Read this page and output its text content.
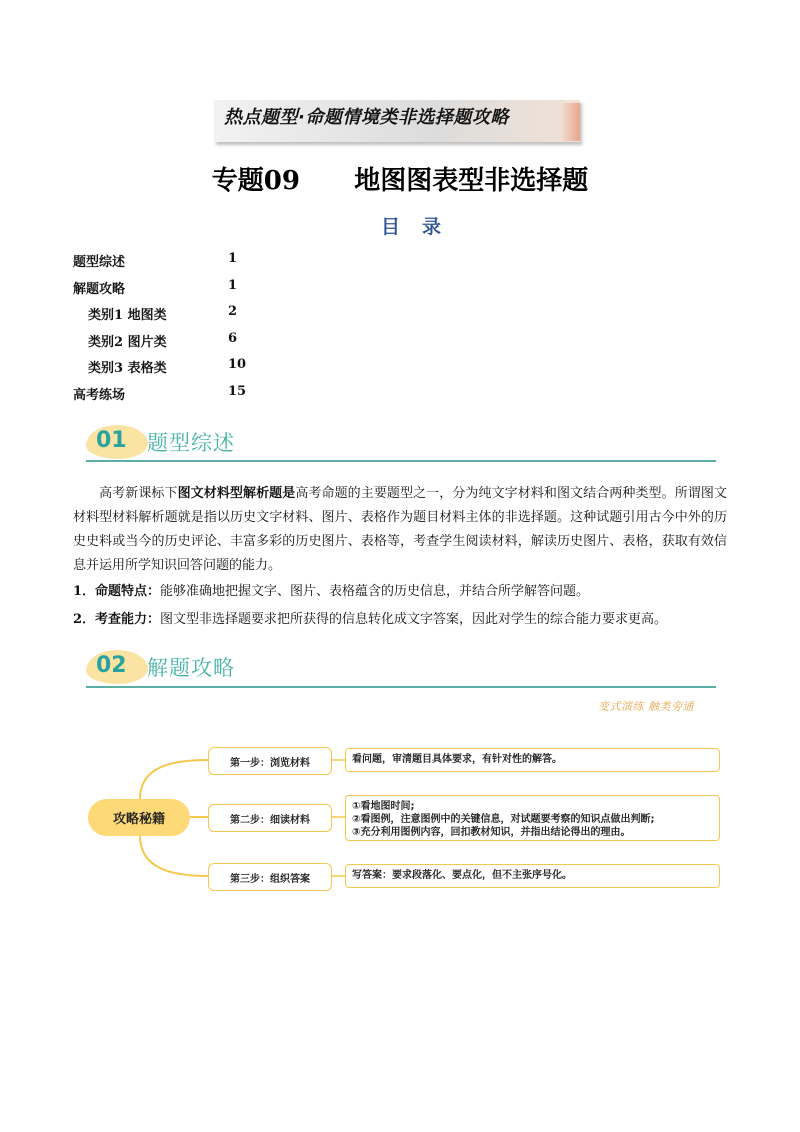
热点题型·命题情境类非选择题攻略
专题09      地图图表型非选择题
目录
题型综述	1
解题攻略	1
类别1 地图类	2
类别2 图片类	6
类别3 表格类	10
高考练场	15
01 题型综述
高考新课标下图文材料型解析题是高考命题的主要题型之一，分为纯文字材料和图文结合两种类型。所谓图文材料型材料解析题就是指以历史文字材料、图片、表格作为题目材料主体的非选择题。这种试题引用古今中外的历史史料或当今的历史评论、丰富多彩的历史图片、表格等，考查学生阅读材料，解读历史图片、表格，获取有效信息并运用所学知识回答问题的能力。
1．命题特点：能够准确地把握文字、图片、表格蕴含的历史信息，并结合所学解答问题。
2．考查能力：图文型非选择题要求把所获得的信息转化成文字答案，因此对学生的综合能力要求更高。
02 解题攻略
变式演练 触类旁通
攻略秘籍
第一步：浏览材料	看问题，审清题目具体要求，有针对性的解答。
第二步：细读材料
①看地图时间;
②看图例，注意图例中的关键信息，对试题要考察的知识点做出判断;
③充分利用图例内容，回扣教材知识，并指出结论得出的理由。
第三步：组织答案	写答案：要求段落化、要点化，但不主张序号化。
